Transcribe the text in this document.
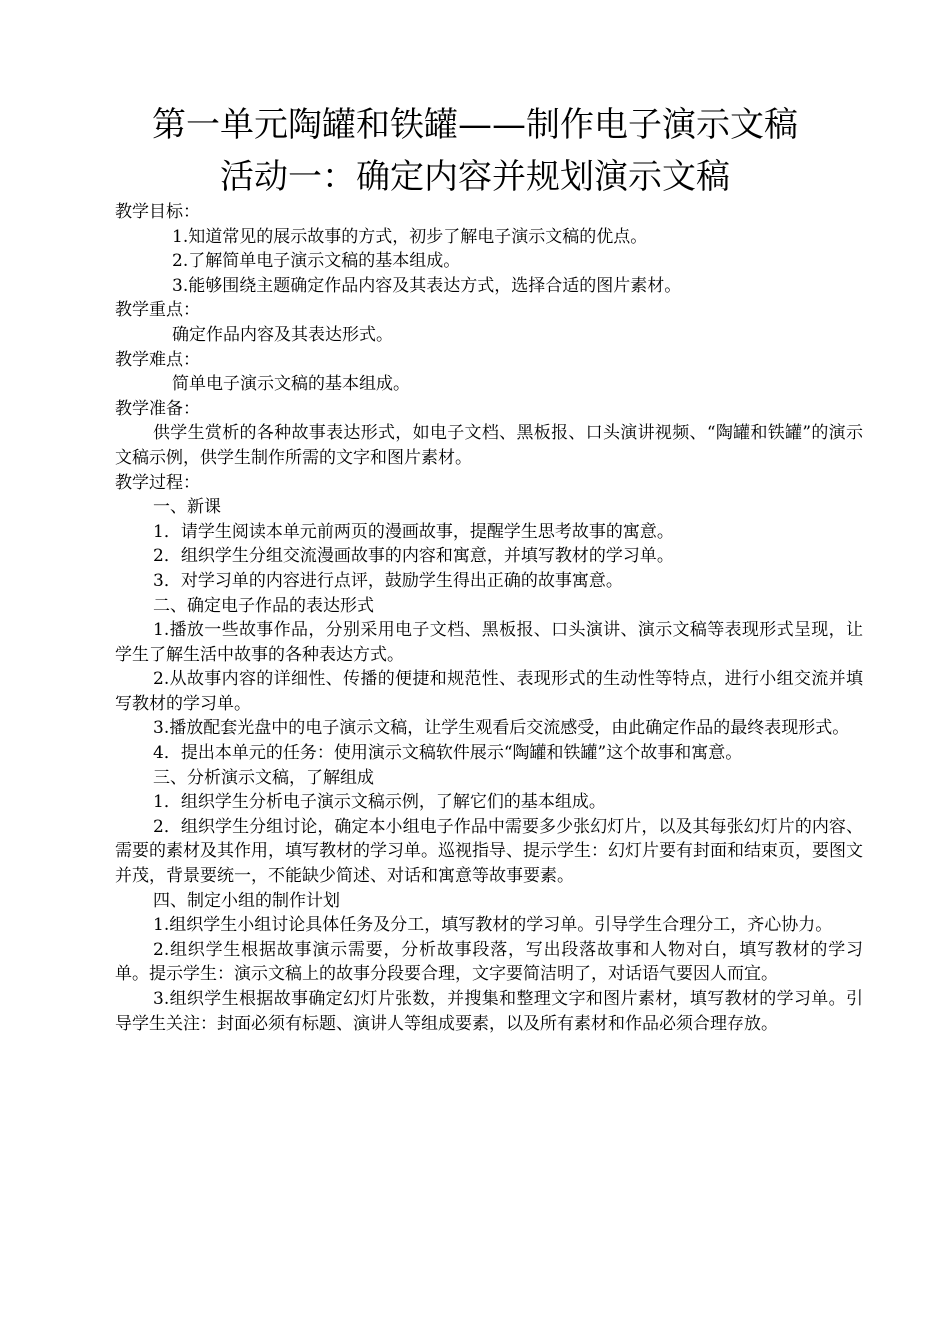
第一单元陶罐和铁罐——制作电子演示文稿
活动一：确定内容并规划演示文稿

教学目标：

1.知道常见的展示故事的方式，初步了解电子演示文稿的优点。

2.了解简单电子演示文稿的基本组成。

3.能够围绕主题确定作品内容及其表达方式，选择合适的图片素材。

教学重点：

确定作品内容及其表达形式。

教学难点：

简单电子演示文稿的基本组成。

教学准备：

供学生赏析的各种故事表达形式，如电子文档、黑板报、口头演讲视频、“陶罐和铁罐”的演示文稿示例，供学生制作所需的文字和图片素材。

教学过程：

一、新课

1．请学生阅读本单元前两页的漫画故事，提醒学生思考故事的寓意。

2．组织学生分组交流漫画故事的内容和寓意，并填写教材的学习单。

3．对学习单的内容进行点评，鼓励学生得出正确的故事寓意。

二、确定电子作品的表达形式

1.播放一些故事作品，分别采用电子文档、黑板报、口头演讲、演示文稿等表现形式呈现，让学生了解生活中故事的各种表达方式。

2.从故事内容的详细性、传播的便捷和规范性、表现形式的生动性等特点，进行小组交流并填写教材的学习单。

3.播放配套光盘中的电子演示文稿，让学生观看后交流感受，由此确定作品的最终表现形式。

4．提出本单元的任务：使用演示文稿软件展示“陶罐和铁罐”这个故事和寓意。

三、分析演示文稿，了解组成

1．组织学生分析电子演示文稿示例，了解它们的基本组成。

2．组织学生分组讨论，确定本小组电子作品中需要多少张幻灯片，以及其每张幻灯片的内容、需要的素材及其作用，填写教材的学习单。巡视指导、提示学生：幻灯片要有封面和结束页，要图文并茂，背景要统一，不能缺少简述、对话和寓意等故事要素。

四、制定小组的制作计划

1.组织学生小组讨论具体任务及分工，填写教材的学习单。引导学生合理分工，齐心协力。

2.组织学生根据故事演示需要，分析故事段落，写出段落故事和人物对白，填写教材的学习单。提示学生：演示文稿上的故事分段要合理，文字要简洁明了，对话语气要因人而宜。

3.组织学生根据故事确定幻灯片张数，并搜集和整理文字和图片素材，填写教材的学习单。引导学生关注：封面必须有标题、演讲人等组成要素，以及所有素材和作品必须合理存放。
